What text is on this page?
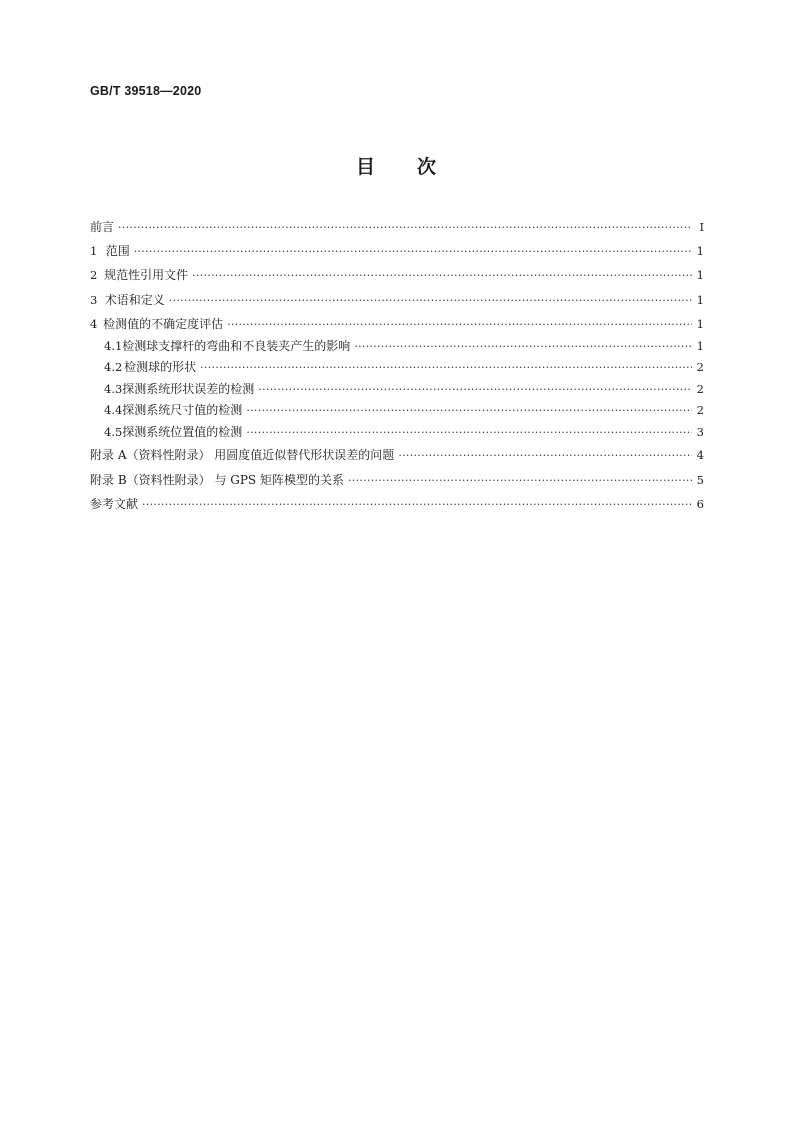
GB/T 39518—2020
目 次
前言 ·····	Ⅰ
1 范围 ·····	1
2 规范性引用文件 ·····	1
3 术语和定义 ·····	1
4 检测值的不确定度评估 ·····	1
4.1 检测球支撑杆的弯曲和不良装夹产生的影响 ·····	1
4.2 检测球的形状 ·····	2
4.3 探测系统形状误差的检测 ·····	2
4.4 探测系统尺寸值的检测 ·····	2
4.5 探测系统位置值的检测 ·····	3
附录 A（资料性附录） 用圆度值近似替代形状误差的问题 ·····	4
附录 B（资料性附录） 与 GPS 矩阵模型的关系 ·····	5
参考文献 ·····	6
